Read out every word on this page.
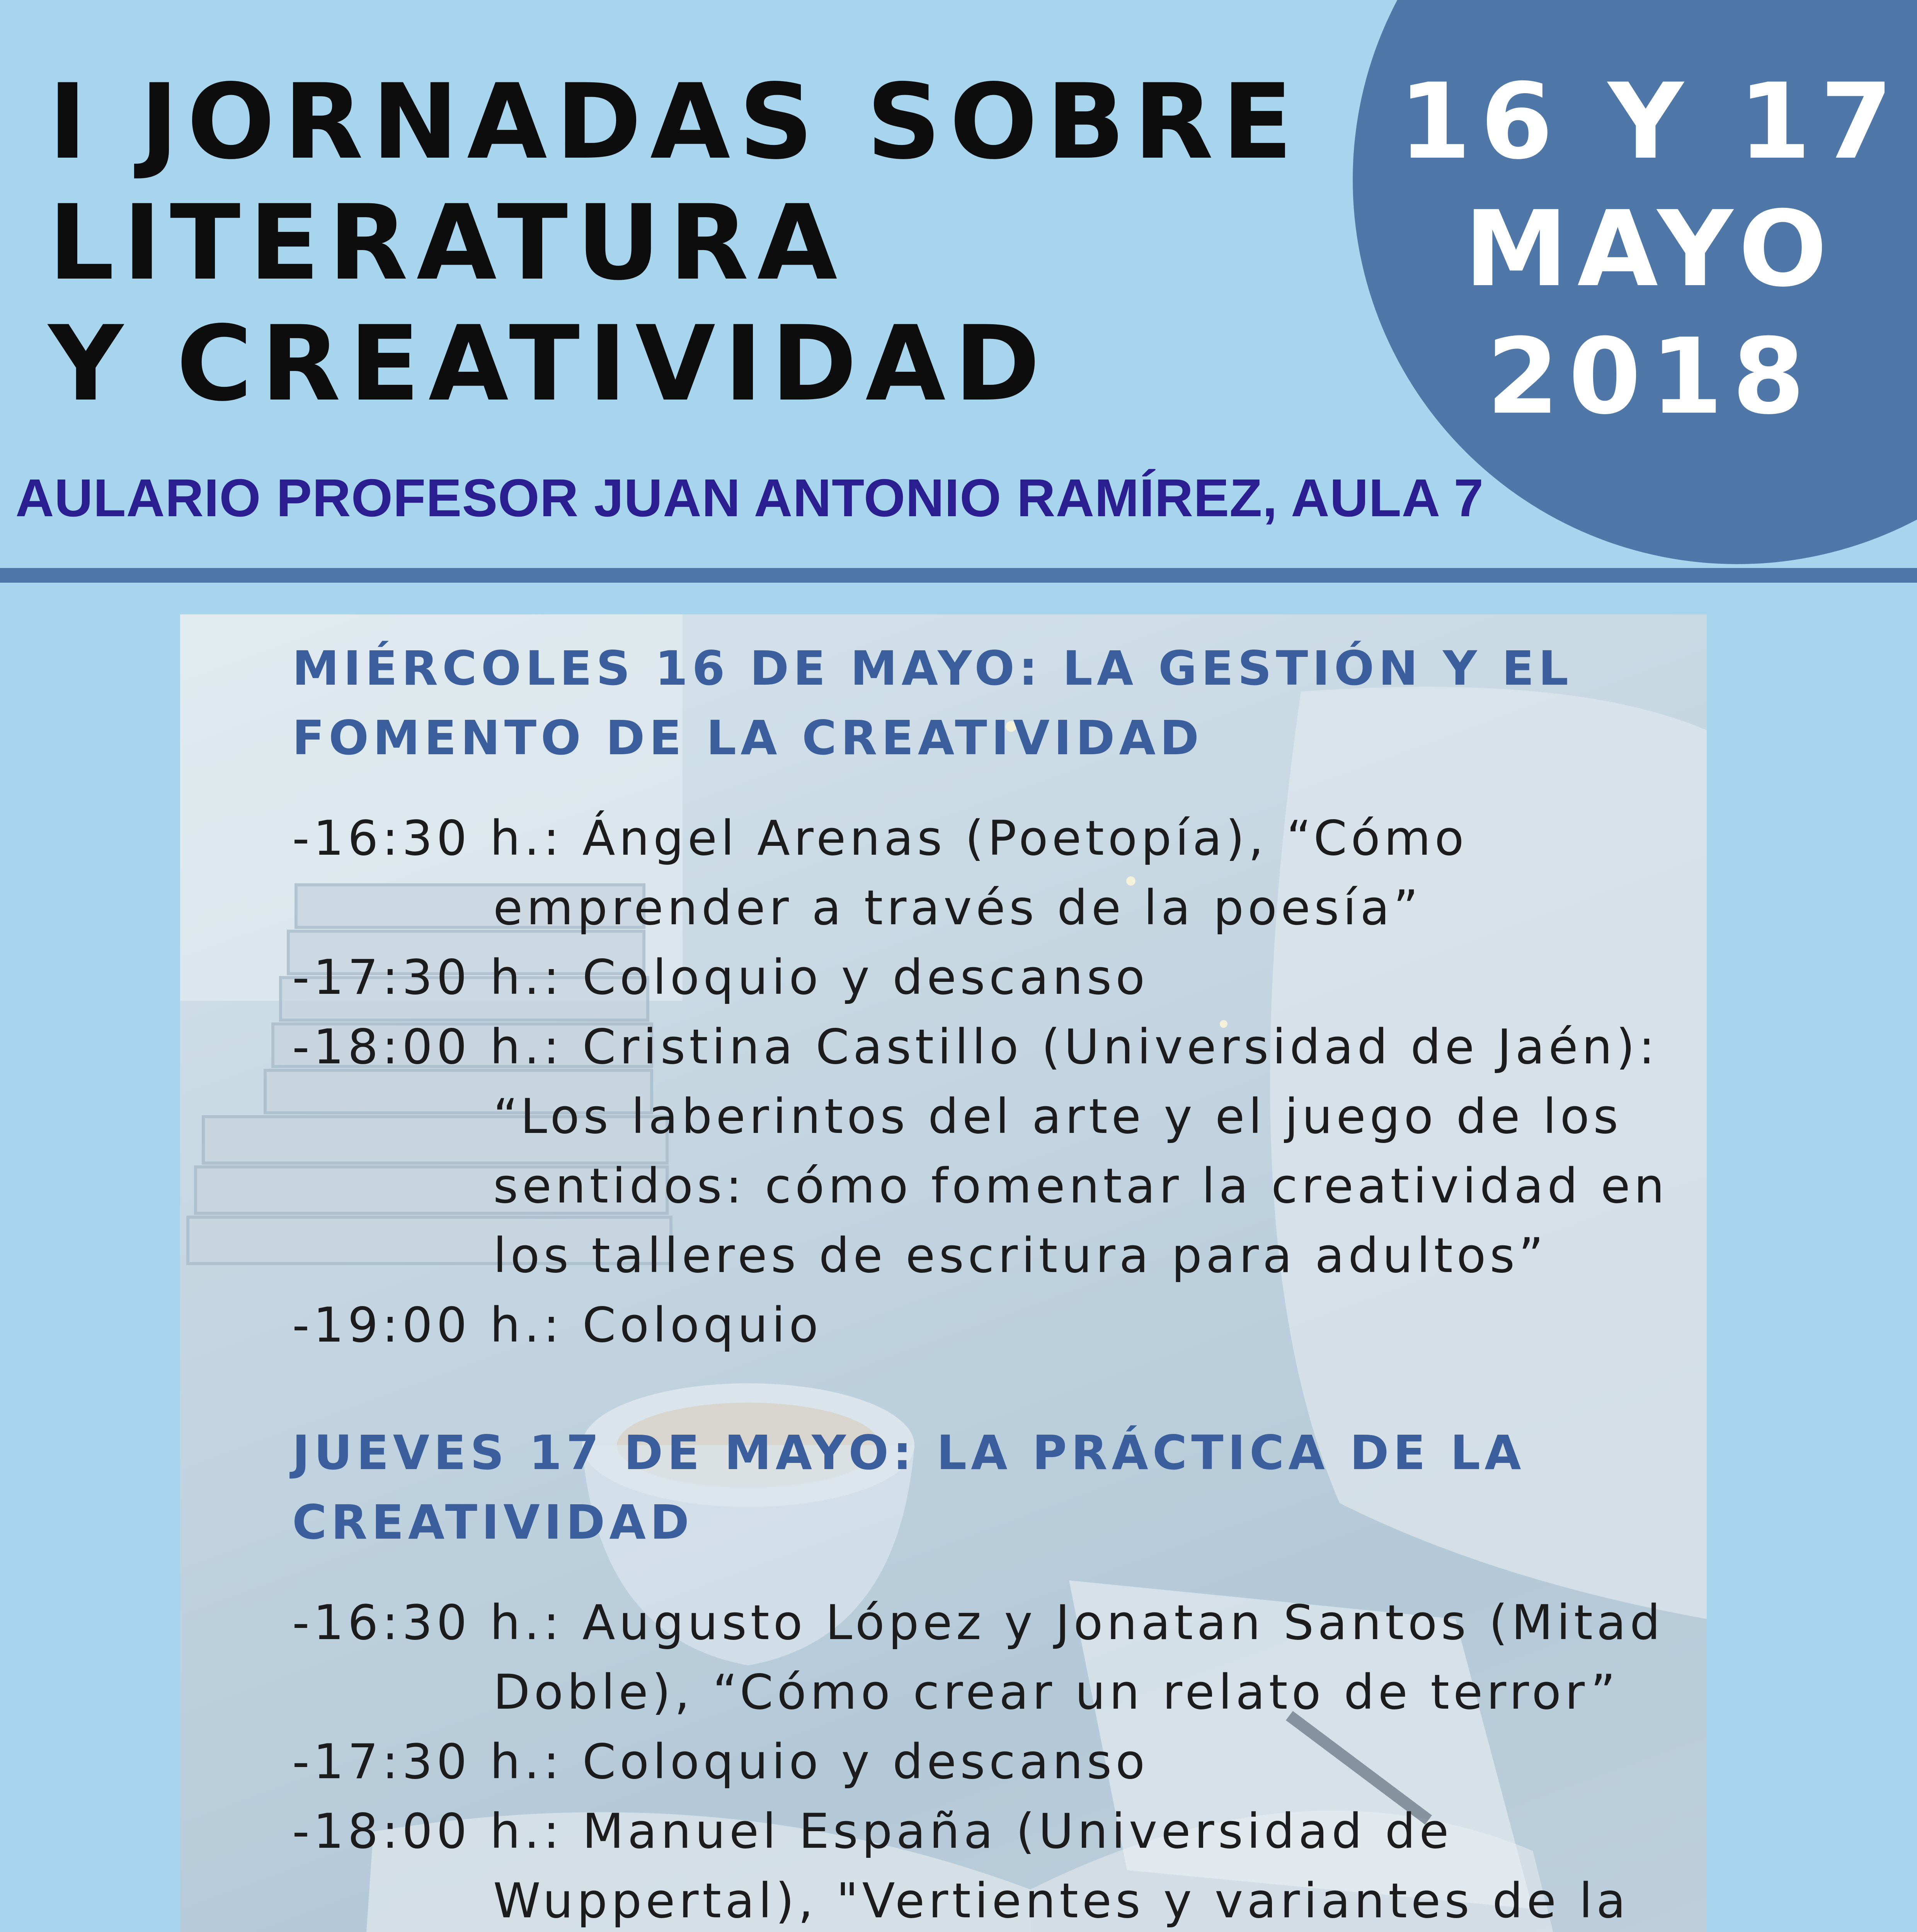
I JORNADAS SOBRE
LITERATURA
Y CREATIVIDAD
16 Y 17
MAYO
2018
AULARIO PROFESOR JUAN ANTONIO RAMÍREZ, AULA 7
MIÉRCOLES 16 DE MAYO: LA GESTIÓN Y EL FOMENTO DE LA CREATIVIDAD

-16:30 h.: Ángel Arenas (Poetopía), “Cómo emprender a través de la poesía”

-17:30 h.: Coloquio y descanso

-18:00 h.: Cristina Castillo (Universidad de Jaén): “Los laberintos del arte y el juego de los sentidos: cómo fomentar la creatividad en los talleres de escritura para adultos”

-19:00 h.: Coloquio

JUEVES 17 DE MAYO: LA PRÁCTICA DE LA CREATIVIDAD

-16:30 h.: Augusto López y Jonatan Santos (Mitad Doble), “Cómo crear un relato de terror”

-17:30 h.: Coloquio y descanso

-18:00 h.: Manuel España (Universidad de Wuppertal), "Vertientes y variantes de la
